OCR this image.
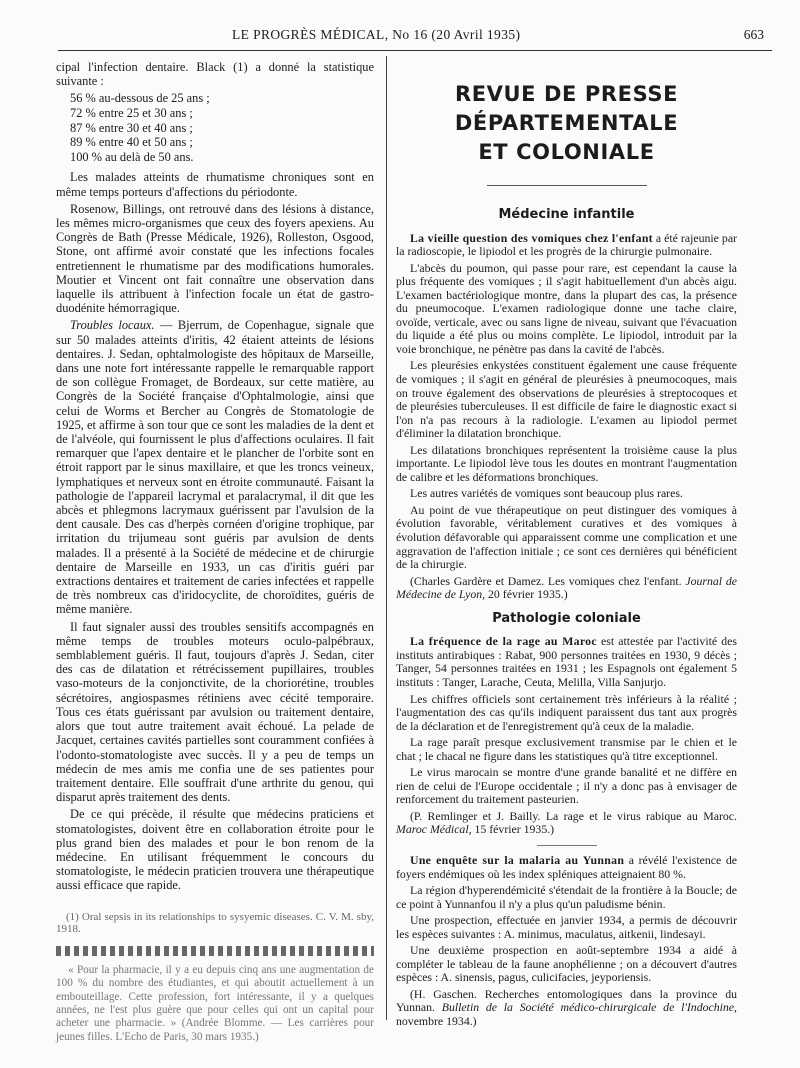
LE PROGRÈS MÉDICAL, No 16 (20 Avril 1935)	663

cipal l'infection dentaire. Black (1) a donné la statistique suivante :

56 % au-dessous de 25 ans ;
72 % entre 25 et 30 ans ;
87 % entre 30 et 40 ans ;
89 % entre 40 et 50 ans ;
100 % au delà de 50 ans.

Les malades atteints de rhumatisme chroniques sont en même temps porteurs d'affections du périodonte.

Rosenow, Billings, ont retrouvé dans des lésions à distance, les mêmes micro-organismes que ceux des foyers apexiens. Au Congrès de Bath (Presse Médicale, 1926), Rolleston, Osgood, Stone, ont affirmé avoir constaté que les infections focales entretiennent le rhumatisme par des modifications humorales. Moutier et Vincent ont fait connaître une observation dans laquelle ils attribuent à l'infection focale un état de gastro-duodénite hémorragique.

Troubles locaux. — Bjerrum, de Copenhague, signale que sur 50 malades atteints d'iritis, 42 étaient atteints de lésions dentaires. J. Sedan, ophtalmologiste des hôpitaux de Marseille, dans une note fort intéressante rappelle le remarquable rapport de son collègue Fromaget, de Bordeaux, sur cette matière, au Congrès de la Société française d'Ophtalmologie, ainsi que celui de Worms et Bercher au Congrès de Stomatologie de 1925, et affirme à son tour que ce sont les maladies de la dent et de l'alvéole, qui fournissent le plus d'affections oculaires. Il fait remarquer que l'apex dentaire et le plancher de l'orbite sont en étroit rapport par le sinus maxillaire, et que les troncs veineux, lymphatiques et nerveux sont en étroite communauté. Faisant la pathologie de l'appareil lacrymal et paralacrymal, il dit que les abcès et phlegmons lacrymaux guérissent par l'avulsion de la dent causale. Des cas d'herpès cornéen d'origine trophique, par irritation du trijumeau sont guéris par avulsion de dents malades. Il a présenté à la Société de médecine et de chirurgie dentaire de Marseille en 1933, un cas d'iritis guéri par extractions dentaires et traitement de caries infectées et rappelle de très nombreux cas d'iridocyclite, de choroïdites, guéris de même manière.

Il faut signaler aussi des troubles sensitifs accompagnés en même temps de troubles moteurs oculo-palpébraux, semblablement guéris. Il faut, toujours d'après J. Sedan, citer des cas de dilatation et rétrécissement pupillaires, troubles vaso-moteurs de la conjonctivite, de la choriorétine, troubles sécrétoires, angiospasmes rétiniens avec cécité temporaire. Tous ces états guérissant par avulsion ou traitement dentaire, alors que tout autre traitement avait échoué. La pelade de Jacquet, certaines cavités partielles sont couramment confiées à l'odonto-stomatologiste avec succès. Il y a peu de temps un médecin de mes amis me confia une de ses patientes pour traitement dentaire. Elle souffrait d'une arthrite du genou, qui disparut après traitement des dents.

De ce qui précède, il résulte que médecins praticiens et stomatologistes, doivent être en collaboration étroite pour le plus grand bien des malades et pour le bon renom de la médecine. En utilisant fréquemment le concours du stomatologiste, le médecin praticien trouvera une thérapeutique aussi efficace que rapide.

(1) Oral sepsis in its relationships to sysyemic diseases. C. V. M. sby, 1918.

« Pour la pharmacie, il y a eu depuis cinq ans une augmentation de 100 % du nombre des étudiantes, et qui aboutit actuellement à un embouteillage. Cette profession, fort intéressante, il y a quelques années, ne l'est plus guère que pour celles qui ont un capital pour acheter une pharmacie. » (Andrée Blomme. — Les carrières pour jeunes filles. L'Echo de Paris, 30 mars 1935.)

REVUE DE PRESSE DÉPARTEMENTALE
ET COLONIALE
Médecine infantile

La vieille question des vomiques chez l'enfant a été rajeunie par la radioscopie, le lipiodol et les progrès de la chirurgie pulmonaire.

L'abcès du poumon, qui passe pour rare, est cependant la cause la plus fréquente des vomiques ; il s'agit habituellement d'un abcès aigu. L'examen bactériologique montre, dans la plupart des cas, la présence du pneumocoque. L'examen radiologique donne une tache claire, ovoïde, verticale, avec ou sans ligne de niveau, suivant que l'évacuation du liquide a été plus ou moins complète. Le lipiodol, introduit par la voie bronchique, ne pénètre pas dans la cavité de l'abcès.

Les pleurésies enkystées constituent également une cause fréquente de vomiques ; il s'agit en général de pleurésies à pneumocoques, mais on trouve également des observations de pleurésies à streptocoques et de pleurésies tuberculeuses. Il est difficile de faire le diagnostic exact si l'on n'a pas recours à la radiologie. L'examen au lipiodol permet d'éliminer la dilatation bronchique.

Les dilatations bronchiques représentent la troisième cause la plus importante. Le lipiodol lève tous les doutes en montrant l'augmentation de calibre et les déformations bronchiques.

Les autres variétés de vomiques sont beaucoup plus rares.

Au point de vue thérapeutique on peut distinguer des vomiques à évolution favorable, véritablement curatives et des vomiques à évolution défavorable qui apparaissent comme une complication et une aggravation de l'affection initiale ; ce sont ces dernières qui bénéficient de la chirurgie.

(Charles Gardère et Damez. Les vomiques chez l'enfant. Journal de Médecine de Lyon, 20 février 1935.)

Pathologie coloniale

La fréquence de la rage au Maroc est attestée par l'activité des instituts antirabiques : Rabat, 900 personnes traitées en 1930, 9 décès ; Tanger, 54 personnes traitées en 1931 ; les Espagnols ont également 5 instituts : Tanger, Larache, Ceuta, Melilla, Villa Sanjurjo.

Les chiffres officiels sont certainement très inférieurs à la réalité ; l'augmentation des cas qu'ils indiquent paraissent dus tant aux progrès de la déclaration et de l'enregistrement qu'à ceux de la maladie.

La rage paraît presque exclusivement transmise par le chien et le chat ; le chacal ne figure dans les statistiques qu'à titre exceptionnel.

Le virus marocain se montre d'une grande banalité et ne diffère en rien de celui de l'Europe occidentale ; il n'y a donc pas à envisager de renforcement du traitement pasteurien.

(P. Remlinger et J. Bailly. La rage et le virus rabique au Maroc. Maroc Médical, 15 février 1935.)

Une enquête sur la malaria au Yunnan a révélé l'existence de foyers endémiques où les index spléniques atteignaient 80 %.

La région d'hyperendémicité s'étendait de la frontière à la Boucle; de ce point à Yunnanfou il n'y a plus qu'un paludisme bénin.

Une prospection, effectuée en janvier 1934, a permis de découvrir les espèces suivantes : A. minimus, maculatus, aitkenii, lindesayi.

Une deuxième prospection en août-septembre 1934 a aidé à compléter le tableau de la faune anophélienne ; on a découvert d'autres espèces : A. sinensis, pagus, culicifacies, jeyporiensis.

(H. Gaschen. Recherches entomologiques dans la province du Yunnan. Bulletin de la Société médico-chirurgicale de l'Indochine, novembre 1934.)
